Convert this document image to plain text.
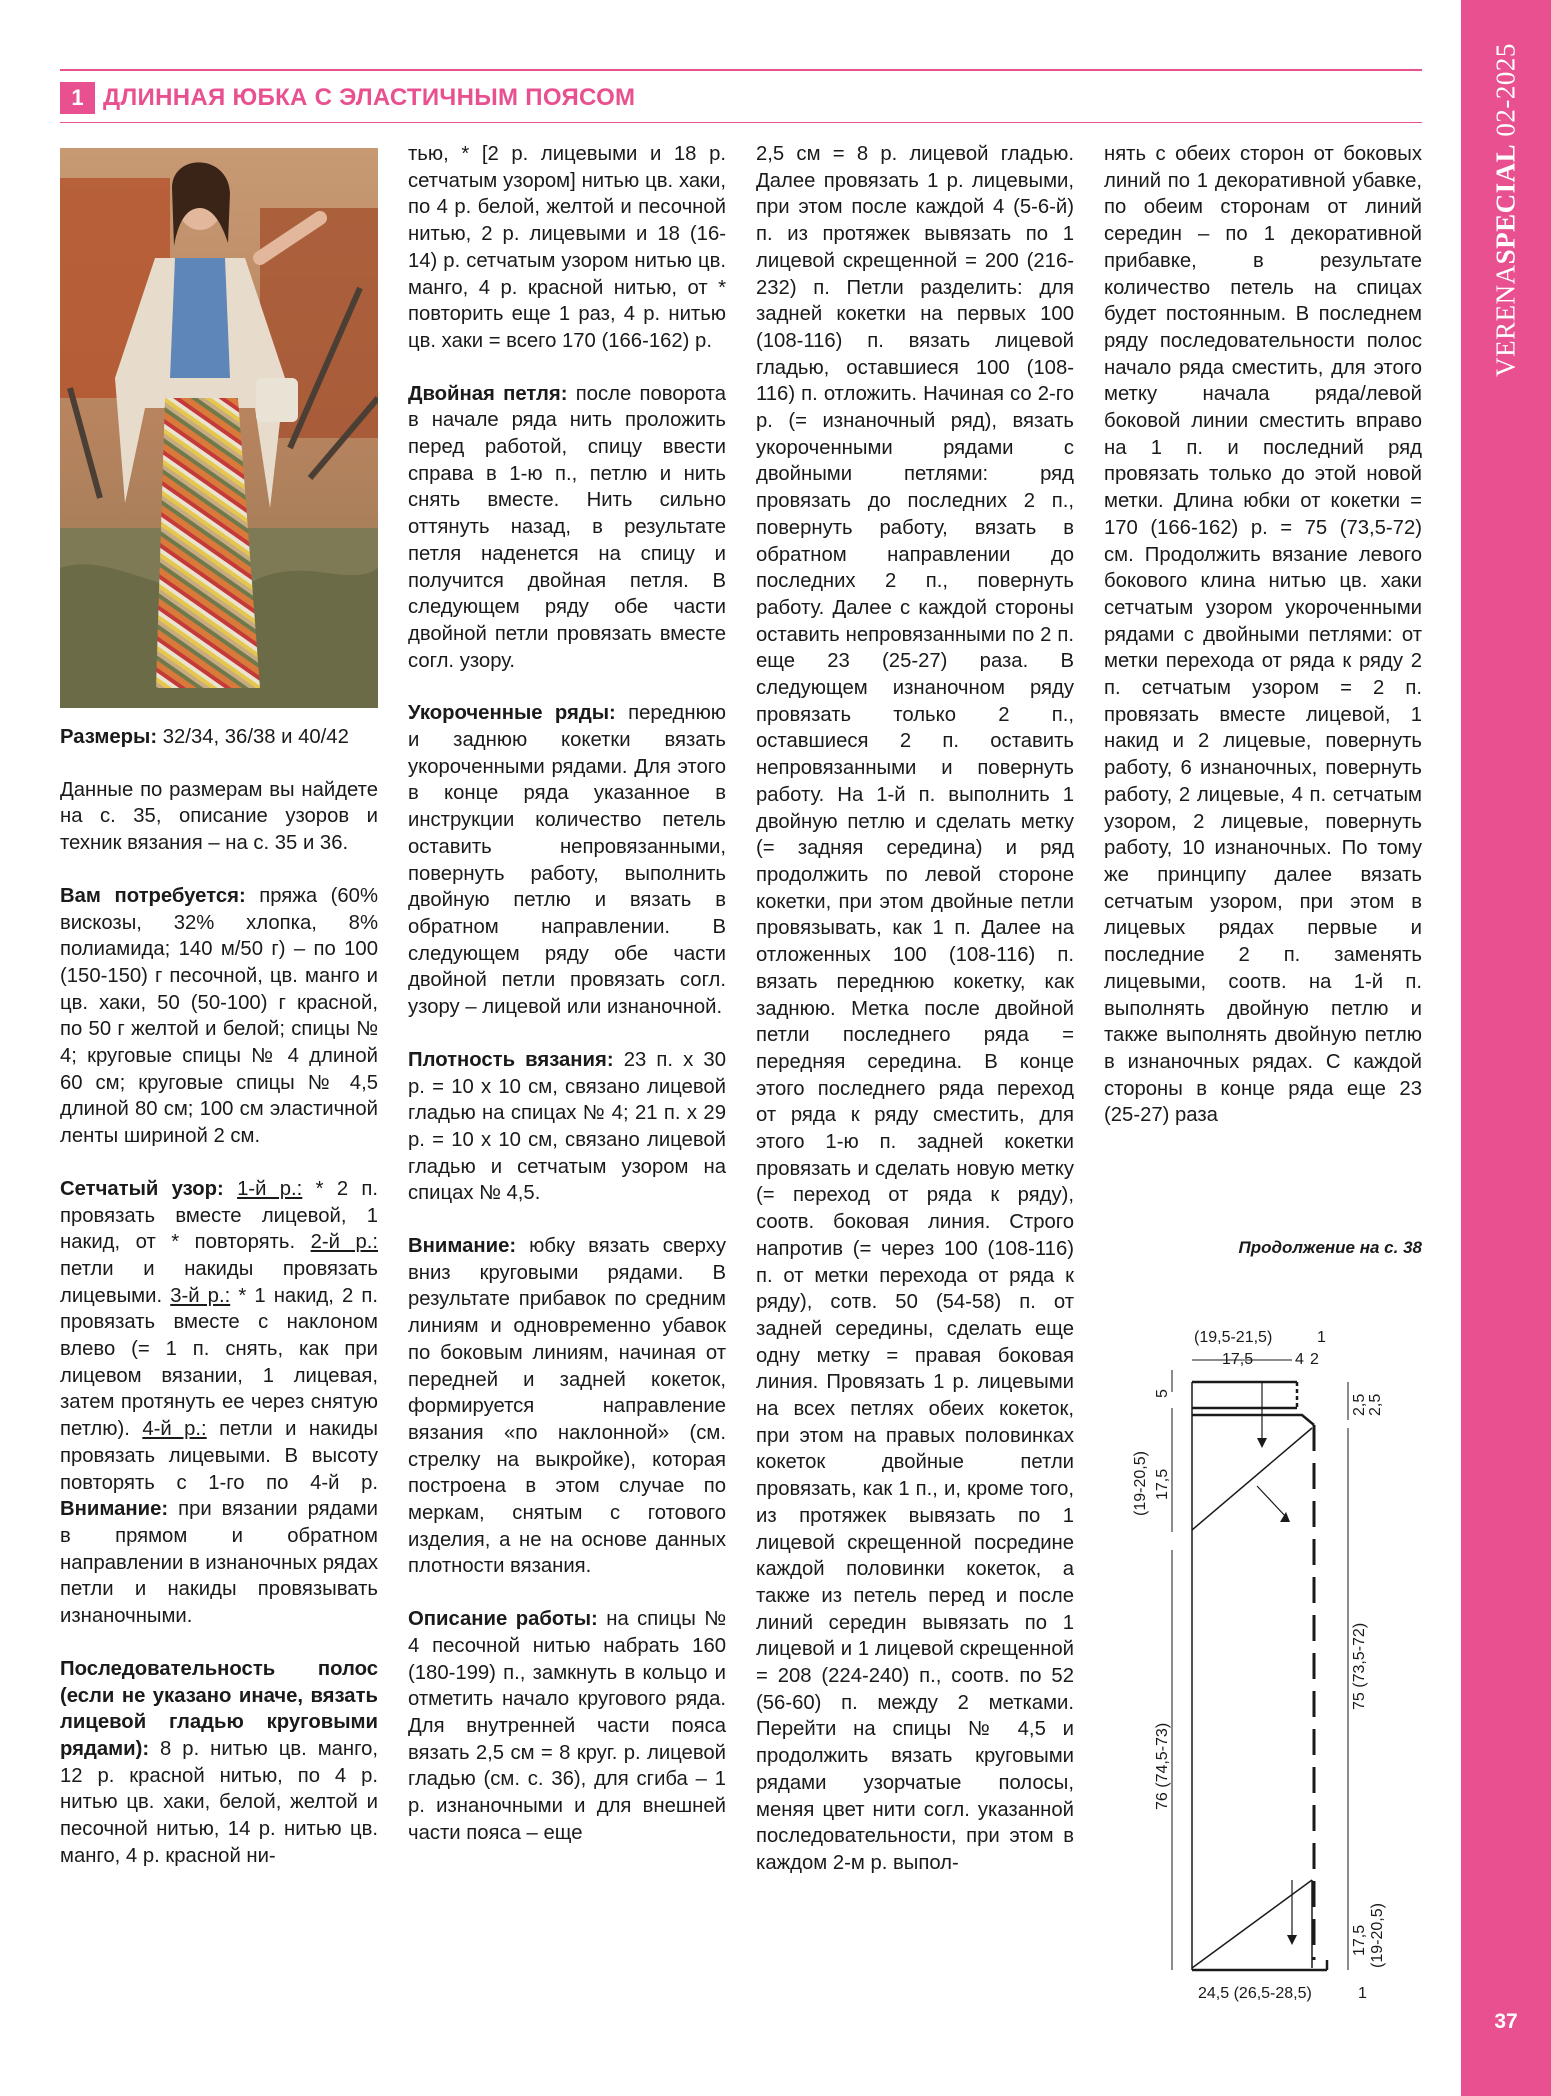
VERENASPECIAL 02-2025
37
1 ДЛИННАЯ ЮБКА С ЭЛАСТИЧНЫМ ПОЯСОМ

Размеры: 32/34, 36/38 и 40/42

Данные по размерам вы найдете на с. 35, описание узоров и техник вязания – на с. 35 и 36.

Вам потребуется: пряжа (60% вискозы, 32% хлопка, 8% полиамида; 140 м/50 г) – по 100 (150-150) г песочной, цв. манго и цв. хаки, 50 (50-100) г красной, по 50 г желтой и белой; спицы № 4; круговые спицы № 4 длиной 60 см; круговые спицы № 4,5 длиной 80 см; 100 см эластичной ленты шириной 2 см.

Сетчатый узор: 1-й р.: * 2 п. провязать вместе лицевой, 1 накид, от * повторять. 2-й р.: петли и накиды провязать лицевыми. 3-й р.: * 1 накид, 2 п. провязать вместе с наклоном влево (= 1 п. снять, как при лицевом вязании, 1 лицевая, затем протянуть ее через снятую петлю). 4-й р.: петли и накиды провязать лицевыми. В высоту повторять с 1-го по 4-й р. Внимание: при вязании рядами в прямом и обратном направлении в изнаночных рядах петли и накиды провязывать изнаночными.

Последовательность полос (если не указано иначе, вязать лицевой гладью круговыми рядами): 8 р. нитью цв. манго, 12 р. красной нитью, по 4 р. нитью цв. хаки, белой, желтой и песочной нитью, 14 р. нитью цв. манго, 4 р. красной ни-

тью, * [2 р. лицевыми и 18 р. сетчатым узором] нитью цв. хаки, по 4 р. белой, желтой и песочной нитью, 2 р. лицевыми и 18 (16-14) р. сетчатым узором нитью цв. манго, 4 р. красной нитью, от * повторить еще 1 раз, 4 р. нитью цв. хаки = всего 170 (166-162) р.

Двойная петля: после поворота в начале ряда нить проложить перед работой, спицу ввести справа в 1-ю п., петлю и нить снять вместе. Нить сильно оттянуть назад, в результате петля наденется на спицу и получится двойная петля. В следующем ряду обе части двойной петли провязать вместе согл. узору.

Укороченные ряды: переднюю и заднюю кокетки вязать укороченными рядами. Для этого в конце ряда указанное в инструкции количество петель оставить непровязанными, повернуть работу, выполнить двойную петлю и вязать в обратном направлении. В следующем ряду обе части двойной петли провязать согл. узору – лицевой или изнаночной.

Плотность вязания: 23 п. х 30 р. = 10 х 10 см, связано лицевой гладью на спицах № 4; 21 п. х 29 р. = 10 х 10 см, связано лицевой гладью и сетчатым узором на спицах № 4,5.

Внимание: юбку вязать сверху вниз круговыми рядами. В результате прибавок по средним линиям и одновременно убавок по боковым линиям, начиная от передней и задней кокеток, формируется направление вязания «по наклонной» (см. стрелку на выкройке), которая построена в этом случае по меркам, снятым с готового изделия, а не на основе данных плотности вязания.

Описание работы: на спицы № 4 песочной нитью набрать 160 (180-199) п., замкнуть в кольцо и отметить начало кругового ряда. Для внутренней части пояса вязать 2,5 см = 8 круг. р. лицевой гладью (см. с. 36), для сгиба – 1 р. изнаночными и для внешней части пояса – еще

2,5 см = 8 р. лицевой гладью. Далее провязать 1 р. лицевыми, при этом после каждой 4 (5-6-й) п. из протяжек вывязать по 1 лицевой скрещенной = 200 (216-232) п. Петли разделить: для задней кокетки на первых 100 (108-116) п. вязать лицевой гладью, оставшиеся 100 (108-116) п. отложить. Начиная со 2-го р. (= изнаночный ряд), вязать укороченными рядами с двойными петлями: ряд провязать до последних 2 п., повернуть работу, вязать в обратном направлении до последних 2 п., повернуть работу. Далее с каждой стороны оставить непровязанными по 2 п. еще 23 (25-27) раза. В следующем изнаночном ряду провязать только 2 п., оставшиеся 2 п. оставить непровязанными и повернуть работу. На 1-й п. выполнить 1 двойную петлю и сделать метку (= задняя середина) и ряд продолжить по левой стороне кокетки, при этом двойные петли провязывать, как 1 п. Далее на отложенных 100 (108-116) п. вязать переднюю кокетку, как заднюю. Метка после двойной петли последнего ряда = передняя середина. В конце этого последнего ряда переход от ряда к ряду сместить, для этого 1-ю п. задней кокетки провязать и сделать новую метку (= переход от ряда к ряду), соотв. боковая линия. Строго напротив (= через 100 (108-116) п. от метки перехода от ряда к ряду), сотв. 50 (54-58) п. от задней середины, сделать еще одну метку = правая боковая линия. Провязать 1 р. лицевыми на всех петлях обеих кокеток, при этом на правых половинках кокеток двойные петли провязать, как 1 п., и, кроме того, из протяжек вывязать по 1 лицевой скрещенной посредине каждой половинки кокеток, а также из петель перед и после линий середин вывязать по 1 лицевой и 1 лицевой скрещенной = 208 (224-240) п., соотв. по 52 (56-60) п. между 2 метками. Перейти на спицы № 4,5 и продолжить вязать круговыми рядами узорчатые полосы, меняя цвет нити согл. указанной последовательности, при этом в каждом 2-м р. выпол-

нять с обеих сторон от боковых линий по 1 декоративной убавке, по обеим сторонам от линий середин – по 1 декоративной прибавке, в результате количество петель на спицах будет постоянным. В последнем ряду последовательности полос начало ряда сместить, для этого метку начала ряда/левой боковой линии сместить вправо на 1 п. и последний ряд провязать только до этой новой метки. Длина юбки от кокетки = 170 (166-162) р. = 75 (73,5-72) см. Продолжить вязание левого бокового клина нитью цв. хаки сетчатым узором укороченными рядами с двойными петлями: от метки перехода от ряда к ряду 2 п. сетчатым узором = 2 п. провязать вместе лицевой, 1 накид и 2 лицевые, повернуть работу, 6 изнаночных, повернуть работу, 2 лицевые, 4 п. сетчатым узором, 2 лицевые, повернуть работу, 10 изнаночных. По тому же принципу далее вязать сетчатым узором, при этом в лицевых рядах первые и последние 2 п. заменять лицевыми, соотв. на 1-й п. выполнять двойную петлю и также выполнять двойную петлю в изнаночных рядах. С каждой стороны в конце ряда еще 23 (25-27) раза

Продолжение на с. 38
(19,5-21,5)	1
17,5	4 2
5
17,5
(19-20,5)
76 (74,5-73)
2,5 2,5
75 (73,5-72)
17,5 (19-20,5)
24,5 (26,5-28,5)	1
